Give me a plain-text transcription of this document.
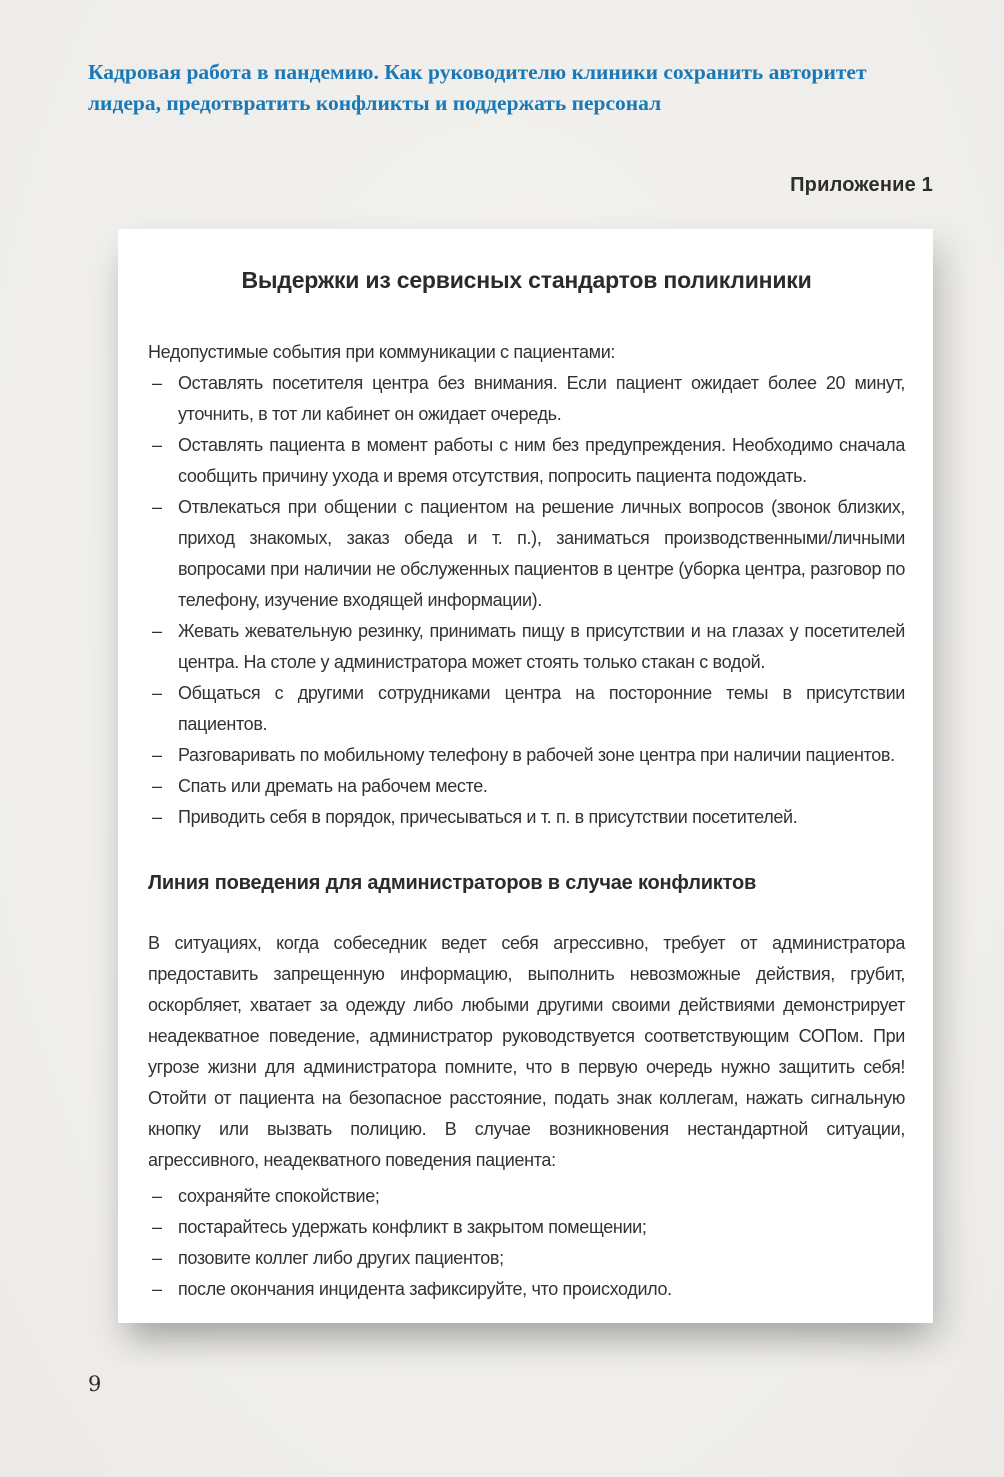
Кадровая работа в пандемию. Как руководителю клиники сохранить авторитет лидера, предотвратить конфликты и поддержать персонал
Приложение 1
Выдержки из сервисных стандартов поликлиники
Недопустимые события при коммуникации с пациентами:
– Оставлять посетителя центра без внимания. Если пациент ожидает более 20 минут, уточнить, в тот ли кабинет он ожидает очередь.
– Оставлять пациента в момент работы с ним без предупреждения. Необходимо сначала сообщить причину ухода и время отсутствия, попросить пациента подождать.
– Отвлекаться при общении с пациентом на решение личных вопросов (звонок близких, приход знакомых, заказ обеда и т. п.), заниматься производственными/личными вопросами при наличии не обслуженных пациентов в центре (уборка центра, разговор по телефону, изучение входящей информации).
– Жевать жевательную резинку, принимать пищу в присутствии и на глазах у посетителей центра. На столе у администратора может стоять только стакан с водой.
– Общаться с другими сотрудниками центра на посторонние темы в присутствии пациентов.
– Разговаривать по мобильному телефону в рабочей зоне центра при наличии пациентов.
– Спать или дремать на рабочем месте.
– Приводить себя в порядок, причесываться и т. п. в присутствии посетителей.
Линия поведения для администраторов в случае конфликтов
В ситуациях, когда собеседник ведет себя агрессивно, требует от администратора предоставить запрещенную информацию, выполнить невозможные действия, грубит, оскорбляет, хватает за одежду либо любыми другими своими действиями демонстрирует неадекватное поведение, администратор руководствуется соответствующим СОПом. При угрозе жизни для администратора помните, что в первую очередь нужно защитить себя! Отойти от пациента на безопасное расстояние, подать знак коллегам, нажать сигнальную кнопку или вызвать полицию. В случае возникновения нестандартной ситуации, агрессивного, неадекватного поведения пациента:
– сохраняйте спокойствие;
– постарайтесь удержать конфликт в закрытом помещении;
– позовите коллег либо других пациентов;
– после окончания инцидента зафиксируйте, что происходило.
9
